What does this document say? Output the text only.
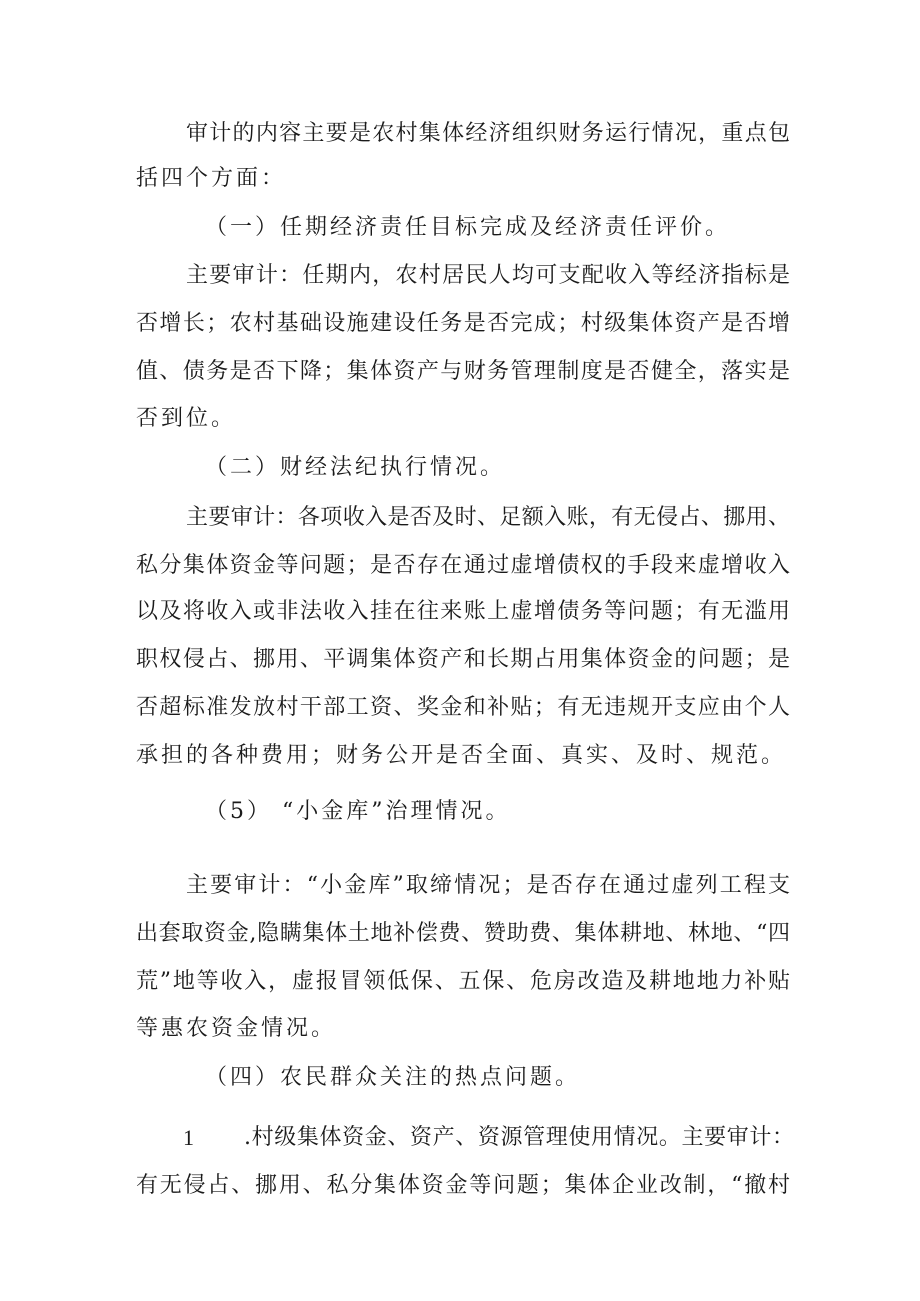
审计的内容主要是农村集体经济组织财务运行情况，重点包
括四个方面：
（一）任期经济责任目标完成及经济责任评价。
主要审计：任期内，农村居民人均可支配收入等经济指标是
否增长；农村基础设施建设任务是否完成；村级集体资产是否增
值、债务是否下降；集体资产与财务管理制度是否健全，落实是
否到位。
（二）财经法纪执行情况。
主要审计：各项收入是否及时、足额入账，有无侵占、挪用、
私分集体资金等问题；是否存在通过虚增债权的手段来虚增收入
以及将收入或非法收入挂在往来账上虚增债务等问题；有无滥用
职权侵占、挪用、平调集体资产和长期占用集体资金的问题；是
否超标准发放村干部工资、奖金和补贴；有无违规开支应由个人
承担的各种费用；财务公开是否全面、真实、及时、规范。
（5） “小金库”治理情况。
主要审计：“小金库”取缔情况；是否存在通过虚列工程支
出套取资金,隐瞒集体土地补偿费、赞助费、集体耕地、林地、“四
荒”地等收入，虚报冒领低保、五保、危房改造及耕地地力补贴
等惠农资金情况。
（四）农民群众关注的热点问题。
1 .村级集体资金、资产、资源管理使用情况。主要审计：
有无侵占、挪用、私分集体资金等问题；集体企业改制，“撤村
